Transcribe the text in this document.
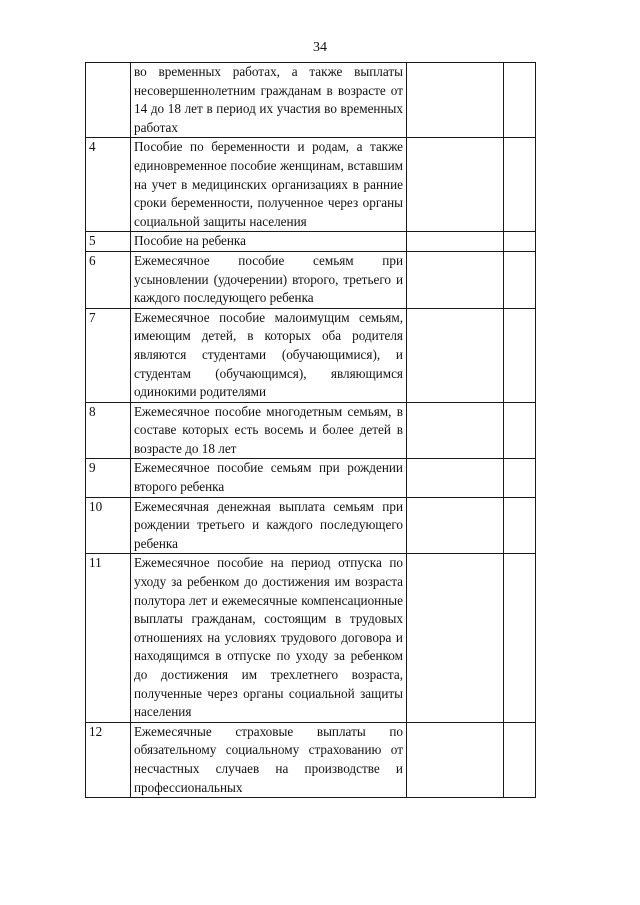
34
	во временных работах, а также выплаты несовершеннолетним гражданам в возрасте от 14 до 18 лет в период их участия во временных работах		
4	Пособие по беременности и родам, а также единовременное пособие женщинам, вставшим на учет в медицинских организациях в ранние сроки беременности, полученное через органы социальной защиты населения		
5	Пособие на ребенка		
6	Ежемесячное пособие семьям при усыновлении (удочерении) второго, третьего и каждого последующего ребенка		
7	Ежемесячное пособие малоимущим семьям, имеющим детей, в которых оба родителя являются студентами (обучающимися), и студентам (обучающимся), являющимся одинокими родителями		
8	Ежемесячное пособие многодетным семьям, в составе которых есть восемь и более детей в возрасте до 18 лет		
9	Ежемесячное пособие семьям при рождении второго ребенка		
10	Ежемесячная денежная выплата семьям при рождении третьего и каждого последующего ребенка		
11	Ежемесячное пособие на период отпуска по уходу за ребенком до достижения им возраста полутора лет и ежемесячные компенсационные выплаты гражданам, состоящим в трудовых отношениях на условиях трудового договора и находящимся в отпуске по уходу за ребенком до достижения им трехлетнего возраста, полученные через органы социальной защиты населения		
12	Ежемесячные страховые выплаты по обязательному социальному страхованию от несчастных случаев на производстве и профессиональных		
